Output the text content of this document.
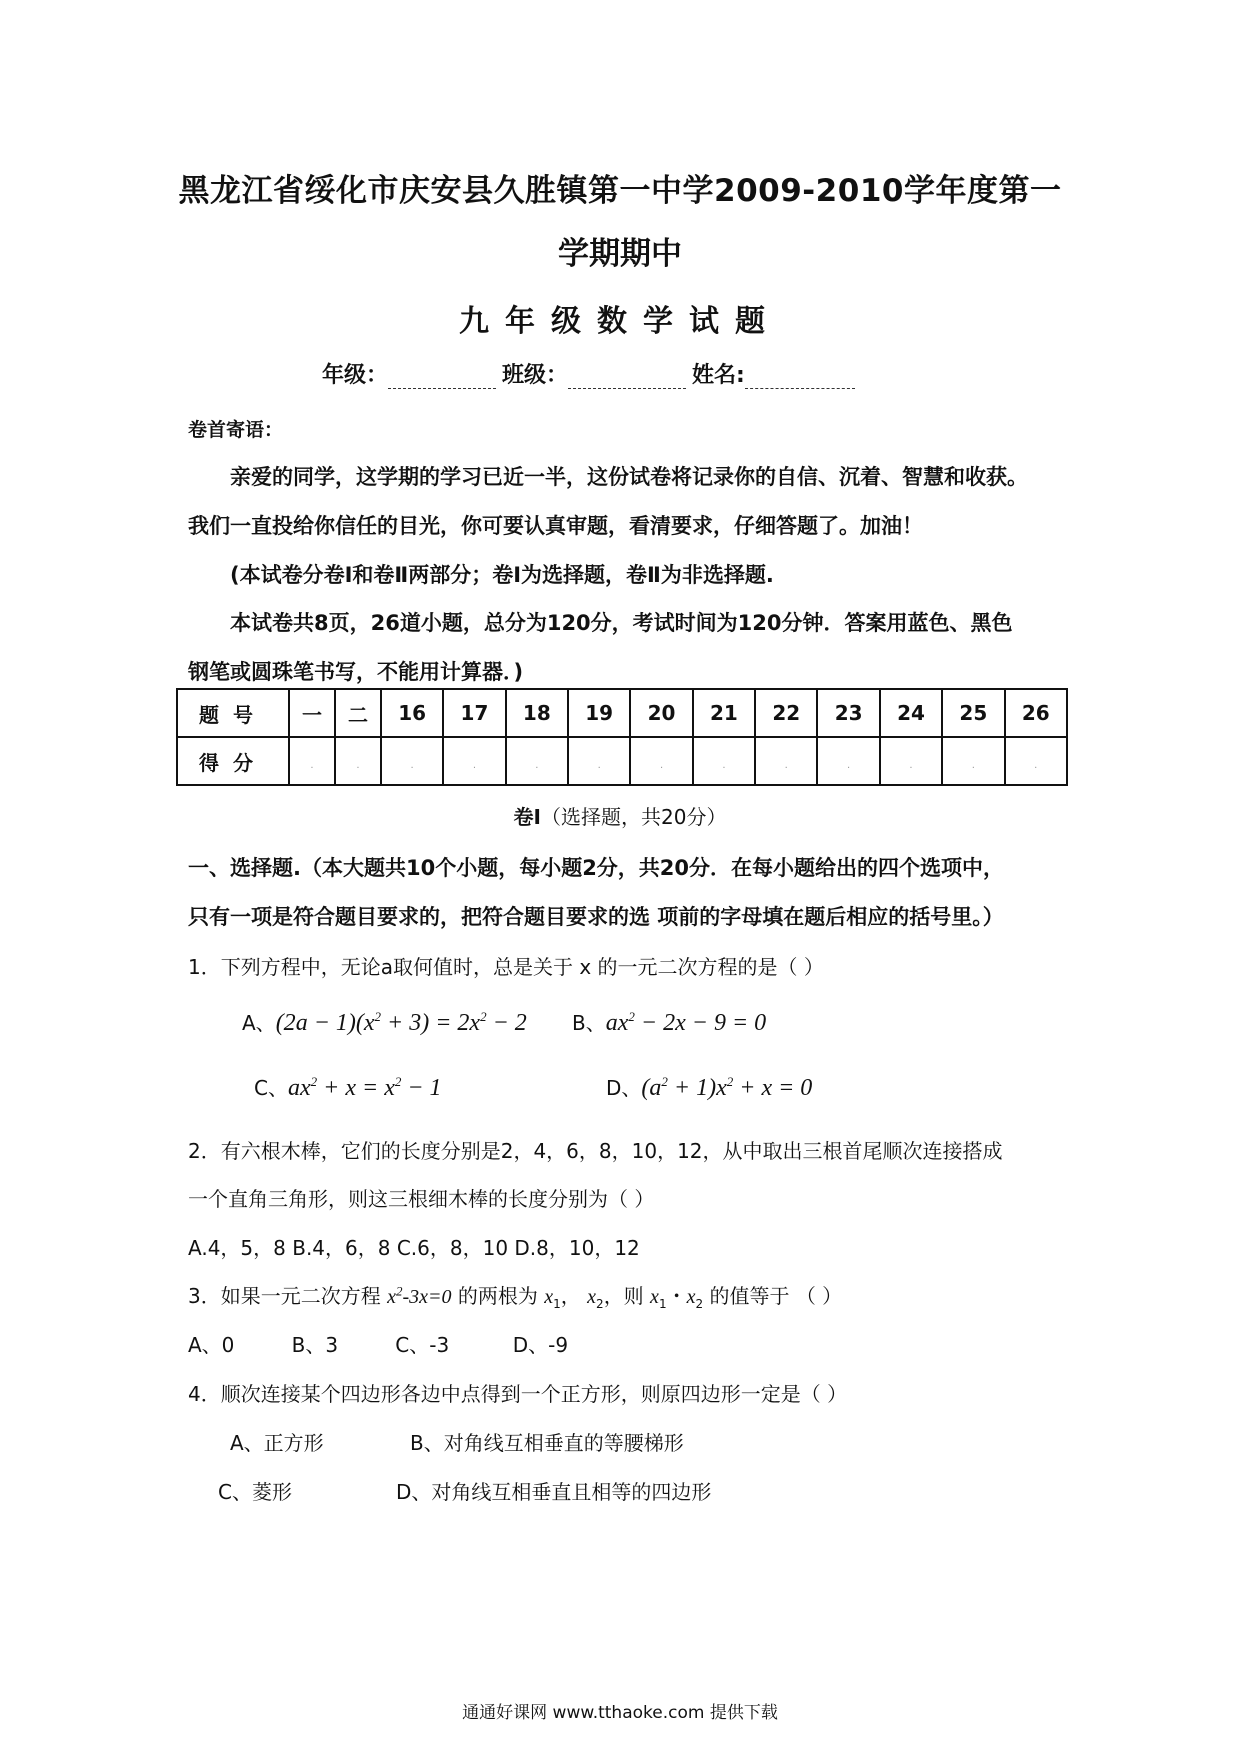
黑龙江省绥化市庆安县久胜镇第一中学2009-2010学年度第一
学期期中
九年级数学试题
年级：	班级：	姓名:
卷首寄语：
亲爱的同学，这学期的学习已近一半，这份试卷将记录你的自信、沉着、智慧和收获。
我们一直投给你信任的目光，你可要认真审题，看清要求，仔细答题了。加油！
(本试卷分卷Ⅰ和卷Ⅱ两部分；卷Ⅰ为选择题，卷Ⅱ为非选择题.
本试卷共8页，26道小题，总分为120分，考试时间为120分钟．答案用蓝色、黑色
钢笔或圆珠笔书写，不能用计算器．)
题号	一	二	16	17	18	19	20	21	22	23	24	25	26
得分	.	.	.	.	.	.	.	.	.	.	.	.	.
卷Ⅰ（选择题，共20分）
一、选择题.（本大题共10个小题，每小题2分，共20分．在每小题给出的四个选项中，
只有一项是符合题目要求的，把符合题目要求的选 项前的字母填在题后相应的括号里。）
1．下列方程中，无论a取何值时，总是关于 x 的一元二次方程的是（ ）
A、$(2a - 1)(x^2 + 3) = 2x^2 - 2$ B、$ax^2 - 2x - 9 = 0$
C、$ax^2 + x = x^2 - 1$	D、$(a^2 + 1)x^2 + x = 0$
2．有六根木棒，它们的长度分别是2，4，6，8，10，12，从中取出三根首尾顺次连接搭成
一个直角三角形，则这三根细木棒的长度分别为（ ）
A.4，5，8 B.4，6，8 C.6，8，10 D.8，10，12
3．如果一元二次方程 $x^2-3x=0$ 的两根为 $x_1$， $x_2$，则 $x_1$・$x_2$ 的值等于 （ ）
A、0         B、3         C、-3          D、-9
4．顺次连接某个四边形各边中点得到一个正方形，则原四边形一定是（ ）
A、正方形	B、对角线互相垂直的等腰梯形
C、菱形	D、对角线互相垂直且相等的四边形
通通好课网 www.tthaoke.com 提供下载
